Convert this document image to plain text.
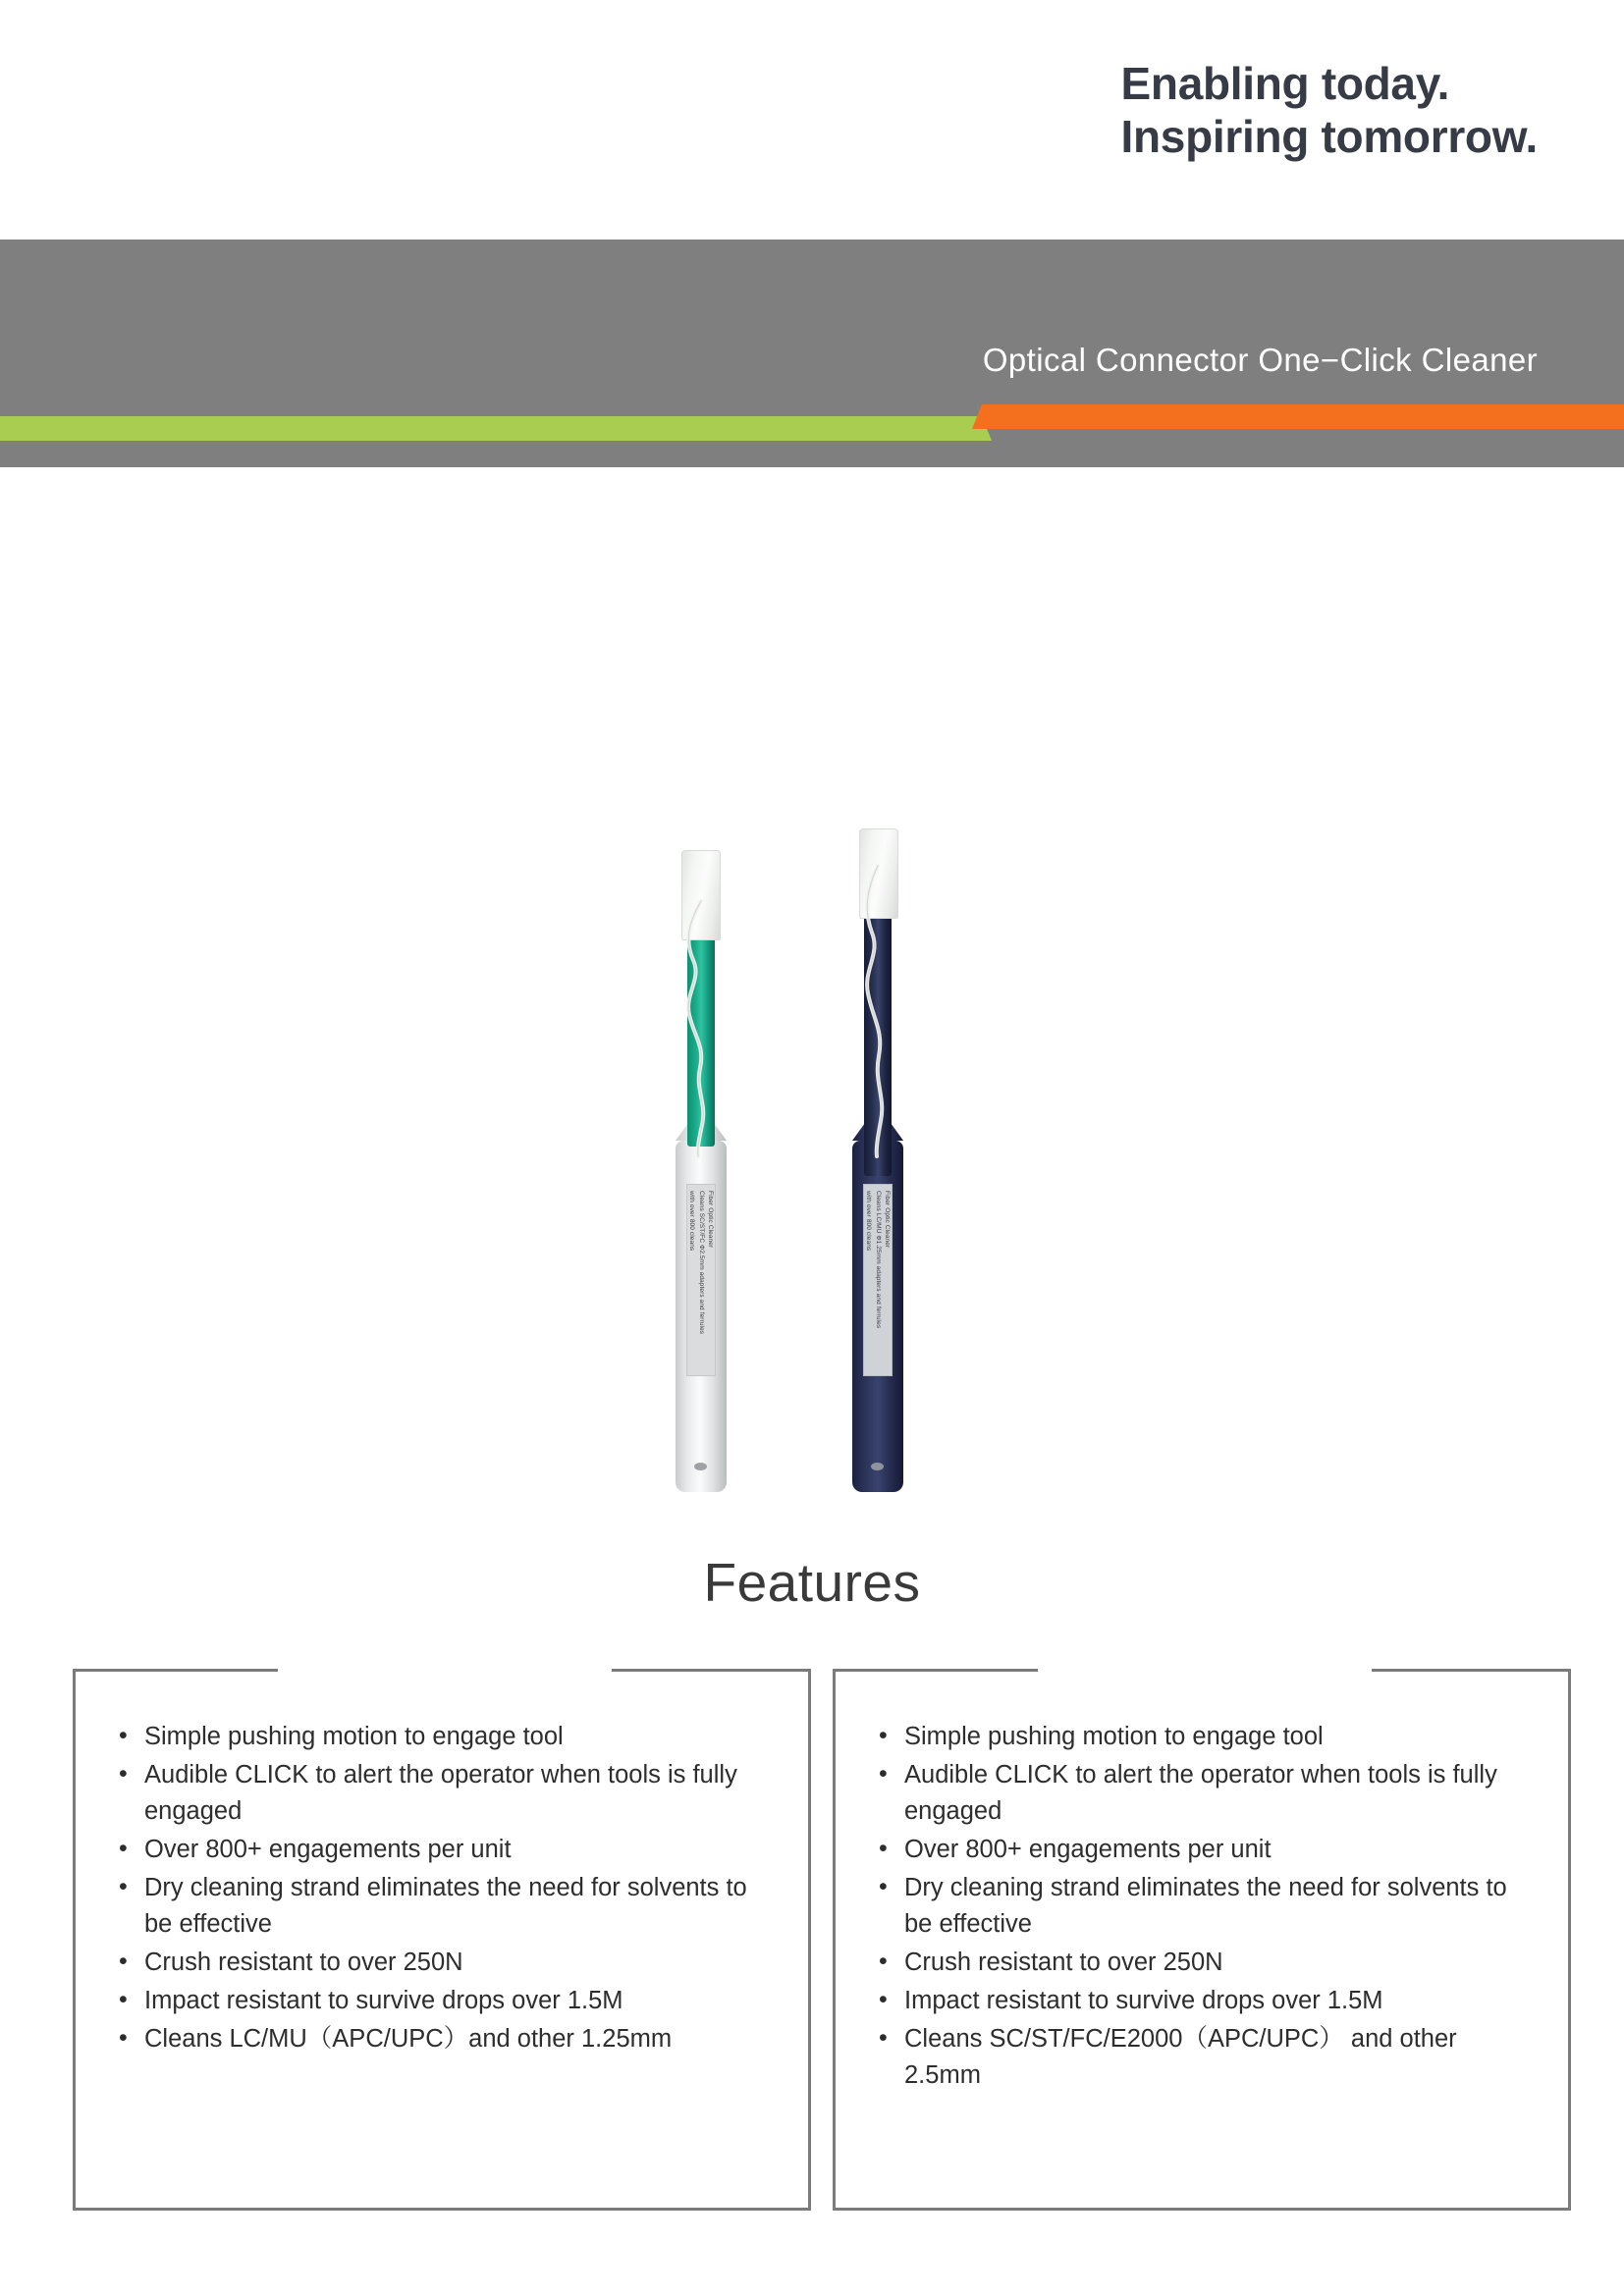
Enabling today.
Inspiring tomorrow.
Optical Connector One−Click Cleaner
Fiber Optic Cleaner
Cleans SC/ST/FC Φ2.5mm adapters and ferrules
with over 800 cleans	Fiber Optic Cleaner
Cleans LC/MU Φ1.25mm adapters and ferrules
with over 800 cleans
Features
• Simple pushing motion to engage tool
• Audible CLICK to alert the operator when tools is fully engaged
• Over 800+ engagements per unit
• Dry cleaning strand eliminates the need for solvents to be effective
• Crush resistant to over 250N
• Impact resistant to survive drops over 1.5M
• Cleans LC/MU（APC/UPC）and other 1.25mm
• Simple pushing motion to engage tool
• Audible CLICK to alert the operator when tools is fully engaged
• Over 800+ engagements per unit
• Dry cleaning strand eliminates the need for solvents to be effective
• Crush resistant to over 250N
• Impact resistant to survive drops over 1.5M
• Cleans SC/ST/FC/E2000（APC/UPC） and other 2.5mm
